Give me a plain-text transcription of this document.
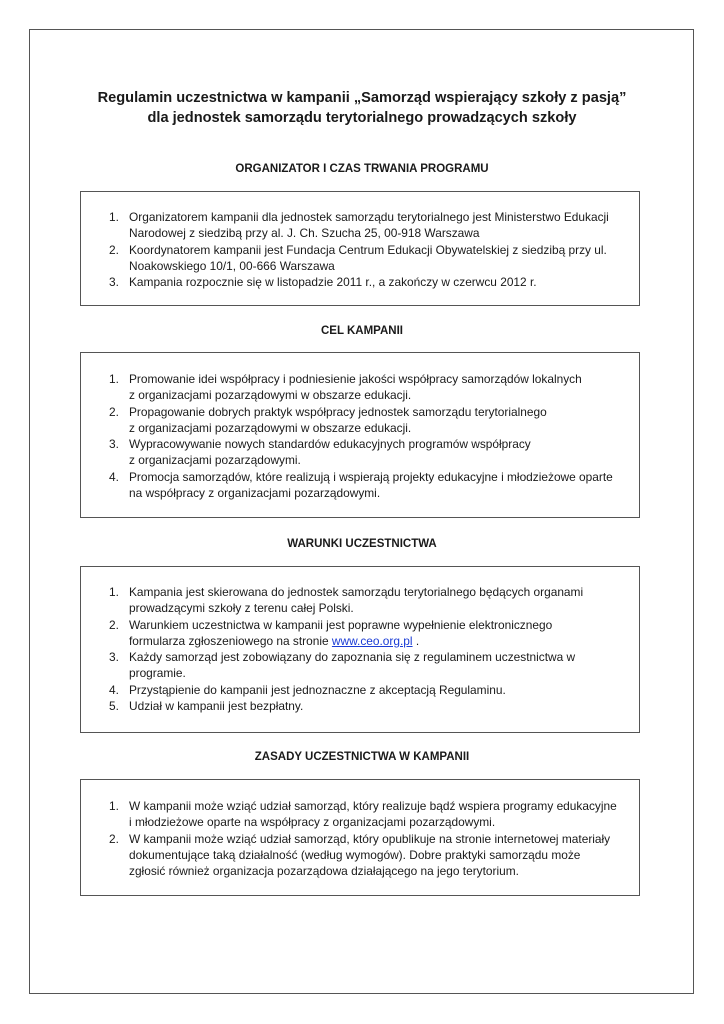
Regulamin uczestnictwa w kampanii „Samorząd wspierający szkoły z pasją”
dla jednostek samorządu terytorialnego prowadzących szkoły
ORGANIZATOR I CZAS TRWANIA PROGRAMU
1. Organizatorem kampanii dla jednostek samorządu terytorialnego jest Ministerstwo Edukacji
Narodowej z siedzibą przy al. J. Ch. Szucha 25, 00-918 Warszawa
2. Koordynatorem kampanii jest Fundacja Centrum Edukacji Obywatelskiej z siedzibą przy ul.
Noakowskiego 10/1, 00-666 Warszawa
3. Kampania rozpocznie się w listopadzie 2011 r., a zakończy w czerwcu 2012 r.
CEL KAMPANII
1. Promowanie idei współpracy i podniesienie jakości współpracy samorządów lokalnych
z organizacjami pozarządowymi w obszarze edukacji.
2. Propagowanie dobrych praktyk współpracy jednostek samorządu terytorialnego
z organizacjami pozarządowymi w obszarze edukacji.
3. Wypracowywanie nowych standardów edukacyjnych programów współpracy
z organizacjami pozarządowymi.
4. Promocja samorządów, które realizują i wspierają projekty edukacyjne i młodzieżowe oparte
na współpracy z organizacjami pozarządowymi.
WARUNKI UCZESTNICTWA
1. Kampania jest skierowana do jednostek samorządu terytorialnego będących organami
prowadzącymi szkoły z terenu całej Polski.
2. Warunkiem uczestnictwa w kampanii jest poprawne wypełnienie elektronicznego
formularza zgłoszeniowego na stronie www.ceo.org.pl .
3. Każdy samorząd jest zobowiązany do zapoznania się z regulaminem uczestnictwa w
programie.
4. Przystąpienie do kampanii jest jednoznaczne z akceptacją Regulaminu.
5. Udział w kampanii jest bezpłatny.
ZASADY UCZESTNICTWA W KAMPANII
1. W kampanii może wziąć udział samorząd, który realizuje bądź wspiera programy edukacyjne
i młodzieżowe oparte na współpracy z organizacjami pozarządowymi.
2. W kampanii może wziąć udział samorząd, który opublikuje na stronie internetowej materiały
dokumentujące taką działalność (według wymogów). Dobre praktyki samorządu może
zgłosić również organizacja pozarządowa działającego na jego terytorium.
